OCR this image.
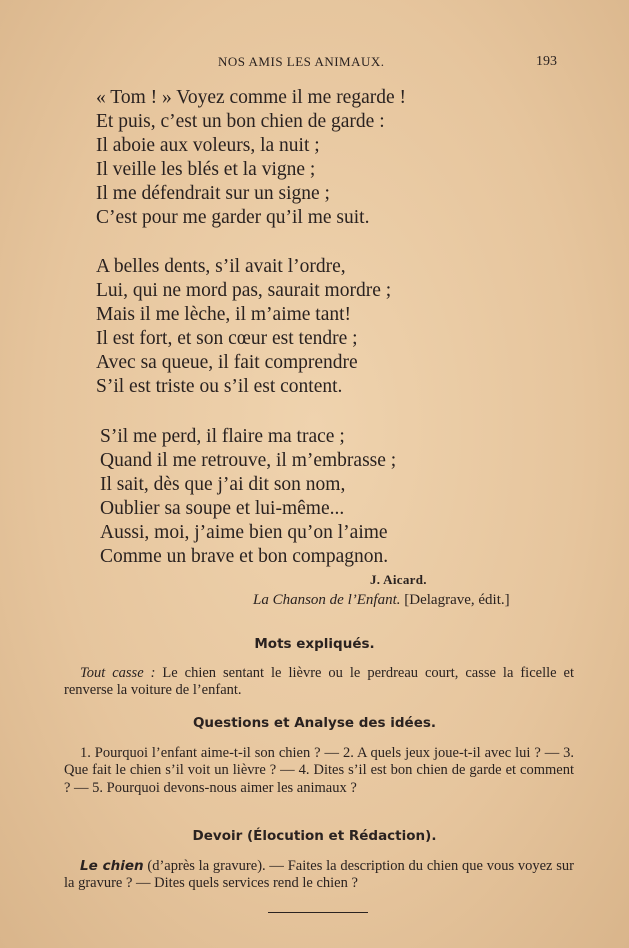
NOS AMIS LES ANIMAUX.	193
« Tom ! » Voyez comme il me regarde !
Et puis, c’est un bon chien de garde :
Il aboie aux voleurs, la nuit ;
Il veille les blés et la vigne ;
Il me défendrait sur un signe ;
C’est pour me garder qu’il me suit.
A belles dents, s’il avait l’ordre,
Lui, qui ne mord pas, saurait mordre ;
Mais il me lèche, il m’aime tant!
Il est fort, et son cœur est tendre ;
Avec sa queue, il fait comprendre
S’il est triste ou s’il est content.
S’il me perd, il flaire ma trace ;
Quand il me retrouve, il m’embrasse ;
Il sait, dès que j’ai dit son nom,
Oublier sa soupe et lui-même...
Aussi, moi, j’aime bien qu’on l’aime
Comme un brave et bon compagnon.
J. Aicard.
La Chanson de l’Enfant. [Delagrave, édit.]
Mots expliqués.

Tout casse : Le chien sentant le lièvre ou le perdreau court, casse la ficelle et renverse la voiture de l’enfant.

Questions et Analyse des idées.

1. Pourquoi l’enfant aime-t-il son chien ? — 2. A quels jeux joue-t-il avec lui ? — 3. Que fait le chien s’il voit un lièvre ? — 4. Dites s’il est bon chien de garde et comment ? — 5. Pourquoi devons-nous aimer les animaux ?

Devoir (Élocution et Rédaction).

Le chien (d’après la gravure). — Faites la description du chien que vous voyez sur la gravure ? — Dites quels services rend le chien ?
